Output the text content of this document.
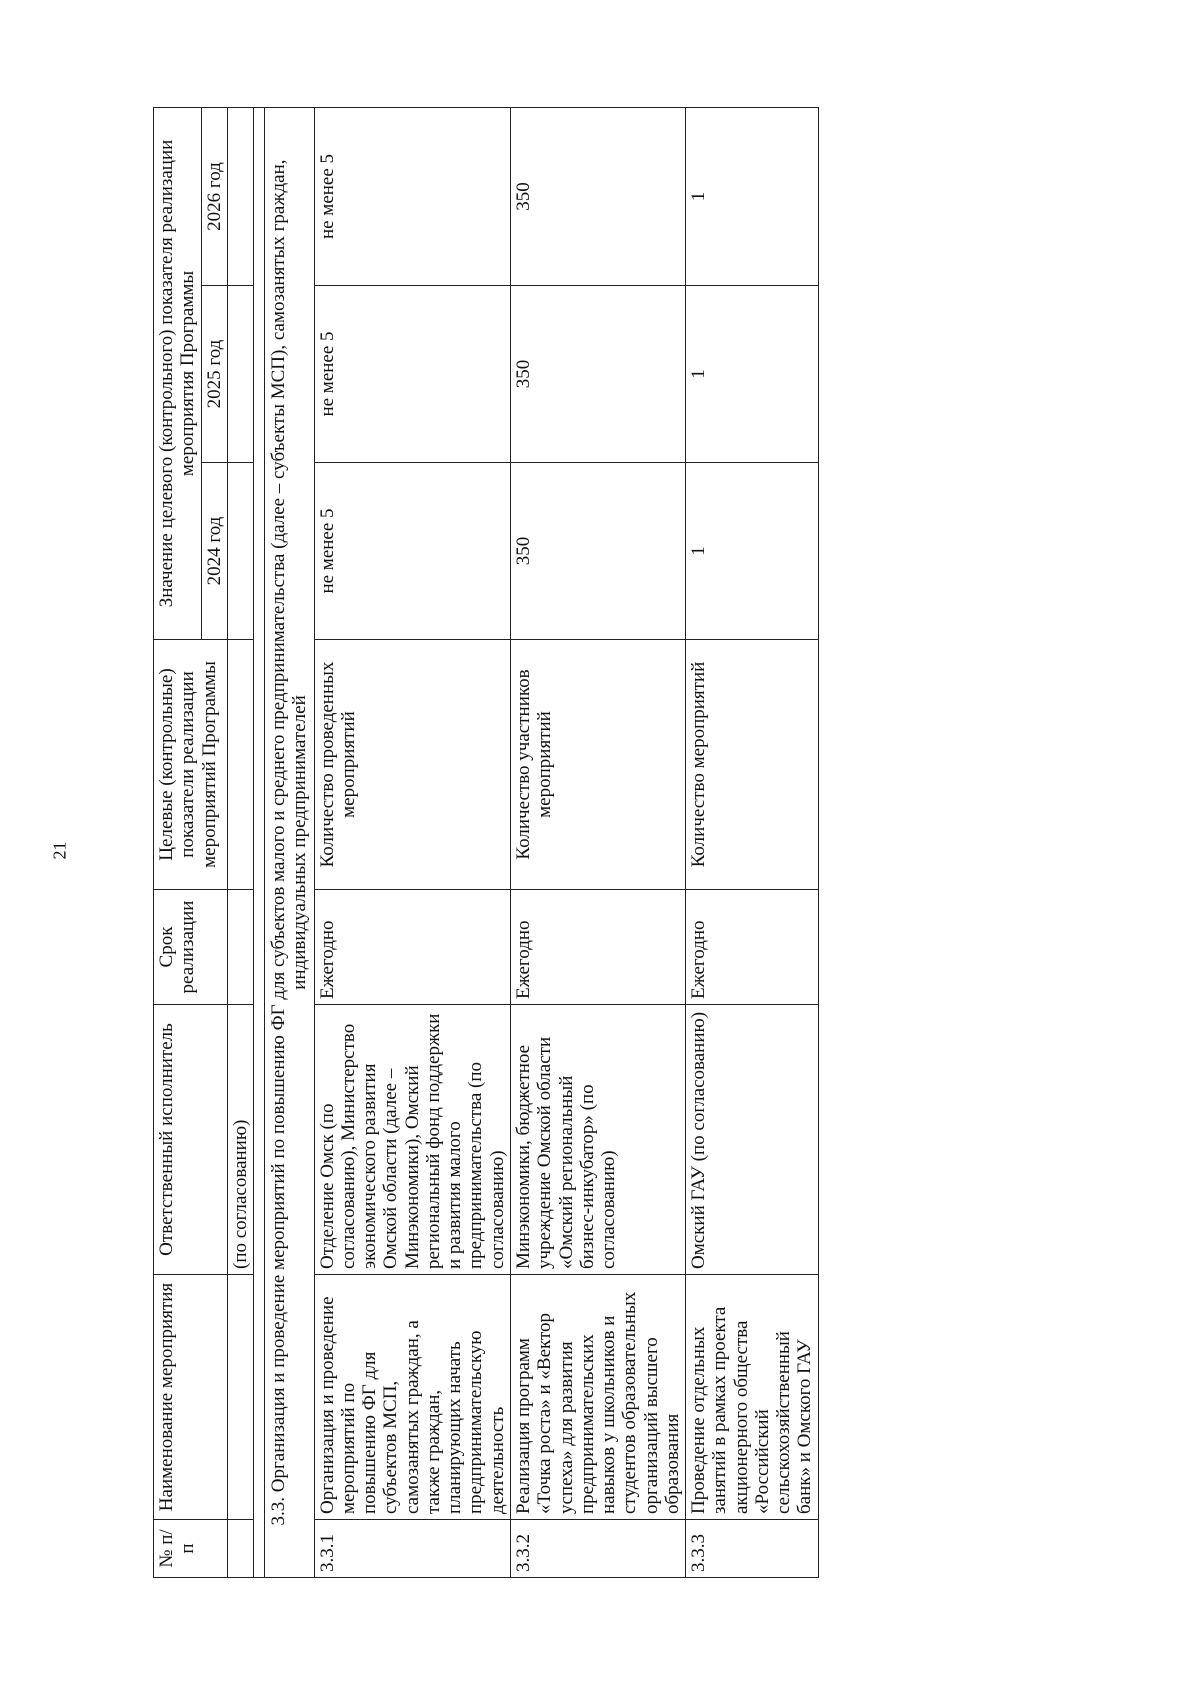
21
№ п/п	Наименование мероприятия	Ответственный исполнитель	Срок реализации	Целевые (контрольные) показатели реализации мероприятий Программы	Значение целевого (контрольного) показателя реализации мероприятия Программы		
					2024 год	2025 год	2026 год
		(по согласованию)					

3.3. Организация и проведение мероприятий по повышению ФГ для субъектов малого и среднего предпринимательства (далее – субъекты МСП), самозанятых граждан, индивидуальных предпринимателей							
3.3.1	Организация и проведение мероприятий по повышению ФГ для субъектов МСП, самозанятых граждан, а также граждан, планирующих начать предпринимательскую деятельность	Отделение Омск (по согласованию), Министерство экономического развития Омской области (далее – Минэкономики), Омский региональный фонд поддержки и развития малого предпринимательства (по согласованию)	Ежегодно	Количество проведенных мероприятий	не менее 5	не менее 5	не менее 5
3.3.2	Реализация программ «Точка роста» и «Вектор успеха» для развития предпринимательских навыков у школьников и студентов образовательных организаций высшего образования	Минэкономики, бюджетное учреждение Омской области «Омский региональный бизнес-инкубатор» (по согласованию)	Ежегодно	Количество участников мероприятий	350	350	350
3.3.3	Проведение отдельных занятий в рамках проекта акционерного общества «Российский сельскохозяйственный банк» и Омского ГАУ	Омский ГАУ (по согласованию)	Ежегодно	Количество мероприятий	1	1	1
